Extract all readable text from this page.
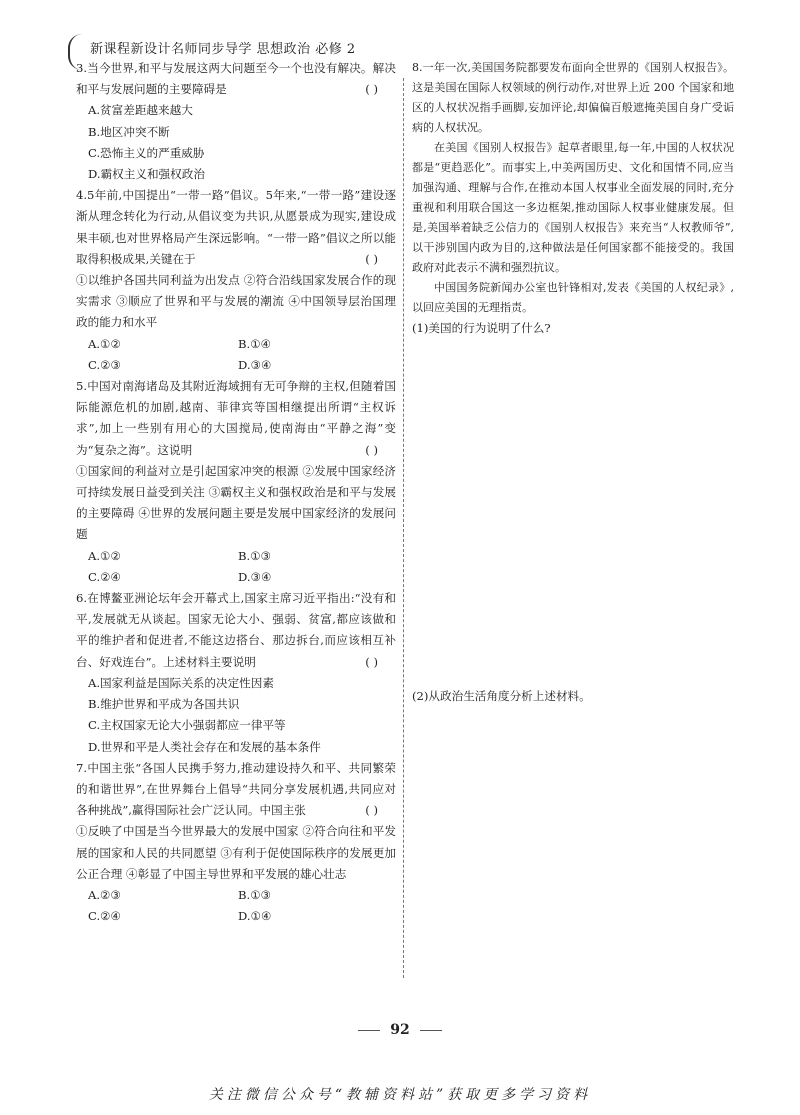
新课程新设计名师同步导学 思想政治 必修 2

3.当今世界,和平与发展这两大问题至今一个也没有解决。解决和平与发展问题的主要障碍是	( )

A.贫富差距越来越大

B.地区冲突不断

C.恐怖主义的严重威胁

D.霸权主义和强权政治

4.5年前,中国提出“一带一路”倡议。5年来,“一带一路”建设逐渐从理念转化为行动,从倡议变为共识,从愿景成为现实,建设成果丰硕,也对世界格局产生深远影响。“一带一路”倡议之所以能取得积极成果,关键在于	( )

①以维护各国共同利益为出发点 ②符合沿线国家发展合作的现实需求 ③顺应了世界和平与发展的潮流 ④中国领导层治国理政的能力和水平

A.①②	B.①④
C.②③	D.③④

5.中国对南海诸岛及其附近海域拥有无可争辩的主权,但随着国际能源危机的加剧,越南、菲律宾等国相继提出所谓“主权诉求”,加上一些别有用心的大国搅局,使南海由“平静之海”变为“复杂之海”。这说明	( )

①国家间的利益对立是引起国家冲突的根源 ②发展中国家经济可持续发展日益受到关注 ③霸权主义和强权政治是和平与发展的主要障碍 ④世界的发展问题主要是发展中国家经济的发展问题

A.①②	B.①③
C.②④	D.③④

6.在博鳌亚洲论坛年会开幕式上,国家主席习近平指出:“没有和平,发展就无从谈起。国家无论大小、强弱、贫富,都应该做和平的维护者和促进者,不能这边搭台、那边拆台,而应该相互补台、好戏连台”。上述材料主要说明	( )

A.国家利益是国际关系的决定性因素

B.维护世界和平成为各国共识

C.主权国家无论大小强弱都应一律平等

D.世界和平是人类社会存在和发展的基本条件

7.中国主张“各国人民携手努力,推动建设持久和平、共同繁荣的和谐世界”,在世界舞台上倡导“共同分享发展机遇,共同应对各种挑战”,赢得国际社会广泛认同。中国主张	( )

①反映了中国是当今世界最大的发展中国家 ②符合向往和平发展的国家和人民的共同愿望 ③有利于促使国际秩序的发展更加公正合理 ④彰显了中国主导世界和平发展的雄心壮志

A.②③	B.①③
C.②④	D.①④

8.一年一次,美国国务院都要发布面向全世界的《国别人权报告》。这是美国在国际人权领域的例行动作,对世界上近 200 个国家和地区的人权状况指手画脚,妄加评论,却偏偏百般遮掩美国自身广受诟病的人权状况。

在美国《国别人权报告》起草者眼里,每一年,中国的人权状况都是“更趋恶化”。而事实上,中美两国历史、文化和国情不同,应当加强沟通、理解与合作,在推动本国人权事业全面发展的同时,充分重视和利用联合国这一多边框架,推动国际人权事业健康发展。但是,美国举着缺乏公信力的《国别人权报告》来充当“人权教师爷”,以干涉别国内政为目的,这种做法是任何国家都不能接受的。我国政府对此表示不满和强烈抗议。

中国国务院新闻办公室也针锋相对,发表《美国的人权纪录》,以回应美国的无理指责。

(1)美国的行为说明了什么?

(2)从政治生活角度分析上述材料。
92
关注微信公众号“教辅资料站”获取更多学习资料
